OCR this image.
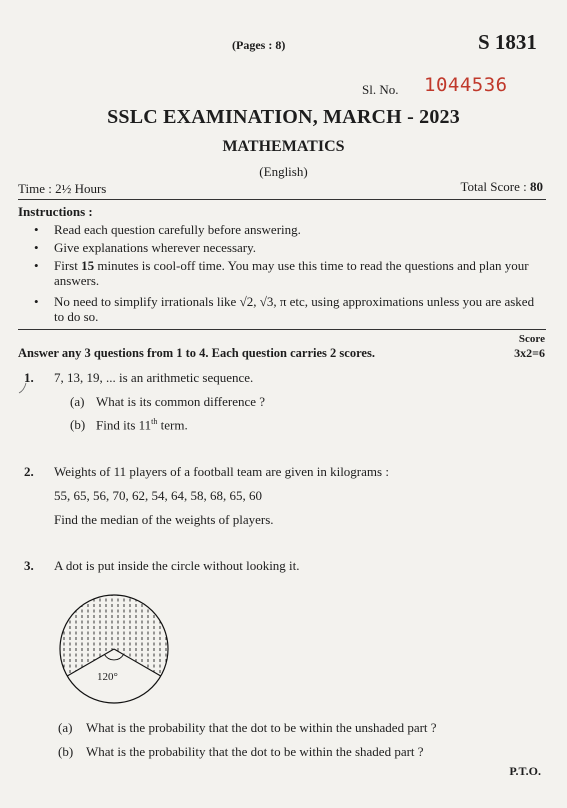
(Pages : 8)	S 1831
Sl. No. 1044536
SSLC EXAMINATION, MARCH - 2023
MATHEMATICS
(English)
Time : 2½ Hours	Total Score : 80
Instructions :
• Read each question carefully before answering.
• Give explanations wherever necessary.
• First 15 minutes is cool-off time. You may use this time to read the questions and plan your answers.
• No need to simplify irrationals like √2, √3, π etc, using approximations unless you are asked to do so.
Score
Answer any 3 questions from 1 to 4. Each question carries 2 scores.	3x2=6
1. 7, 13, 19, ... is an arithmetic sequence.
(a) What is its common difference ?
(b) Find its 11th term.
2. Weights of 11 players of a football team are given in kilograms :
55, 65, 56, 70, 62, 54, 64, 58, 68, 65, 60
Find the median of the weights of players.
3. A dot is put inside the circle without looking it.
120°
(a) What is the probability that the dot to be within the unshaded part ?
(b) What is the probability that the dot to be within the shaded part ?
P.T.O.
